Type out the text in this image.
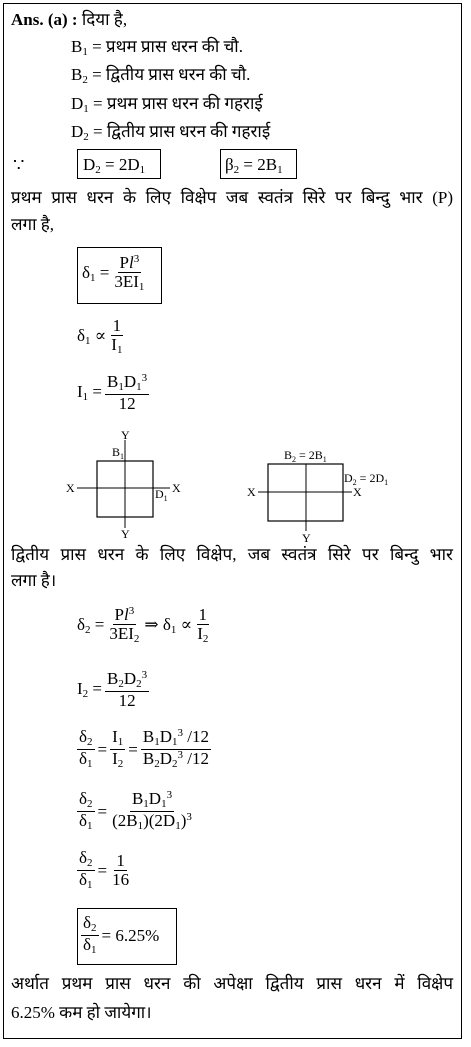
Ans. (a) : दिया है,
$B_1$ = प्रथम प्रास धरन की चौ.
$B_2$ = द्वितीय प्रास धरन की चौ.
$D_1$ = प्रथम प्रास धरन की गहराई
$D_2$ = द्वितीय प्रास धरन की गहराई
∵	$D_2 = 2D_1$	$\beta_2 = 2B_1$
प्रथम प्रास धरन के लिए विक्षेप जब स्वतंत्र सिरे पर बिन्दु भार (P)
लगा है,
$\delta_1 = \frac{Pl^3}{3EI_1}$
$\delta_1 \propto \frac{1}{I_1}$
$I_1 = \frac{B_1D_1^3}{12}$
Y
Y
X	X
$B_1$
$D_1$
$B_2 = 2B_1$
$D_2 = 2D_1$
X	X
Y
द्वितीय प्रास धरन के लिए विक्षेप, जब स्वतंत्र सिरे पर बिन्दु भार
लगा है।
$\delta_2 = \frac{Pl^3}{3EI_2}$ ⇒ $\delta_1 \propto \frac{1}{I_2}$
$I_2 = \frac{B_2D_2^3}{12}$
$\frac{\delta_2}{\delta_1} = \frac{I_1}{I_2} = \frac{B_1D_1^3 /12}{B_2D_2^3 /12}$
$\frac{\delta_2}{\delta_1} = \frac{B_1D_1^3}{(2B_1)(2D_1)^3}$
$\frac{\delta_2}{\delta_1} = \frac{1}{16}$
$\frac{\delta_2}{\delta_1} = 6.25\%$
अर्थात प्रथम प्रास धरन की अपेक्षा द्वितीय प्रास धरन में विक्षेप
6.25% कम हो जायेगा।
